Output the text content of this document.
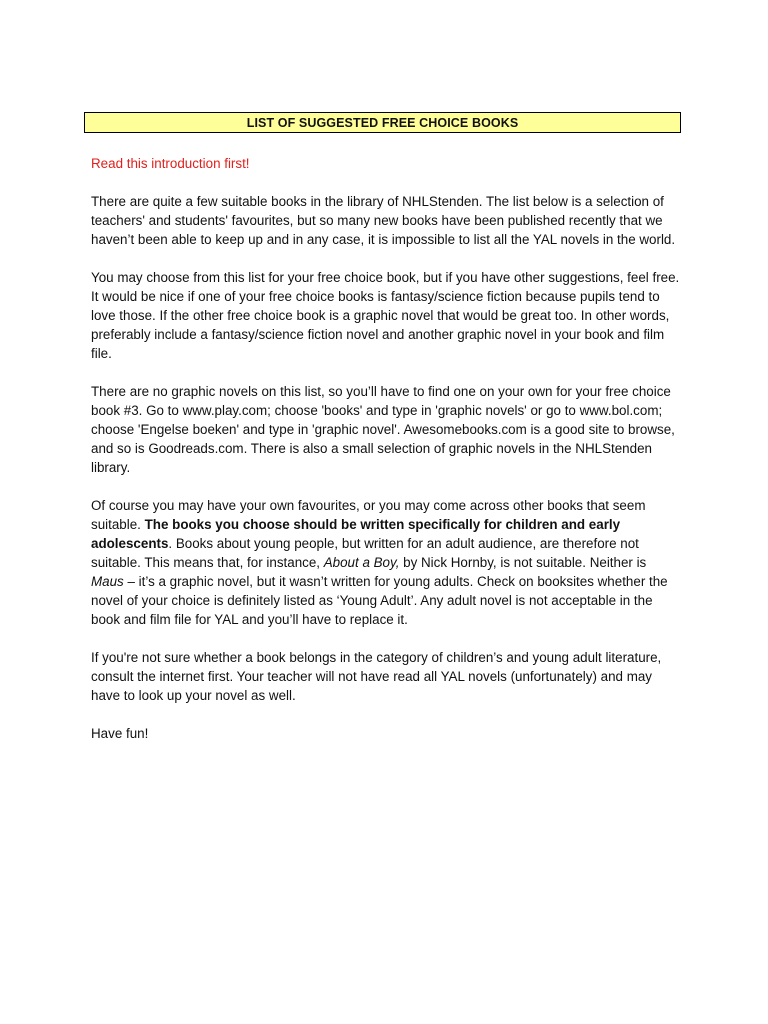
LIST OF SUGGESTED FREE CHOICE BOOKS

Read this introduction first!

There are quite a few suitable books in the library of NHLStenden. The list below is a selection of teachers' and students' favourites, but so many new books have been published recently that we haven’t been able to keep up and in any case, it is impossible to list all the YAL novels in the world.

You may choose from this list for your free choice book, but if you have other suggestions, feel free. It would be nice if one of your free choice books is fantasy/science fiction because pupils tend to love those. If the other free choice book is a graphic novel that would be great too. In other words, preferably include a fantasy/science fiction novel and another graphic novel in your book and film file.

There are no graphic novels on this list, so you’ll have to find one on your own for your free choice book #3. Go to www.play.com; choose 'books' and type in 'graphic novels' or go to www.bol.com; choose 'Engelse boeken' and type in 'graphic novel'. Awesomebooks.com is a good site to browse, and so is Goodreads.com. There is also a small selection of graphic novels in the NHLStenden library.

Of course you may have your own favourites, or you may come across other books that seem suitable. The books you choose should be written specifically for children and early adolescents. Books about young people, but written for an adult audience, are therefore not suitable. This means that, for instance, About a Boy, by Nick Hornby, is not suitable. Neither is Maus – it’s a graphic novel, but it wasn’t written for young adults. Check on booksites whether the novel of your choice is definitely listed as ‘Young Adult’. Any adult novel is not acceptable in the book and film file for YAL and you’ll have to replace it.

If you're not sure whether a book belongs in the category of children’s and young adult literature, consult the internet first. Your teacher will not have read all YAL novels (unfortunately) and may have to look up your novel as well.

Have fun!
